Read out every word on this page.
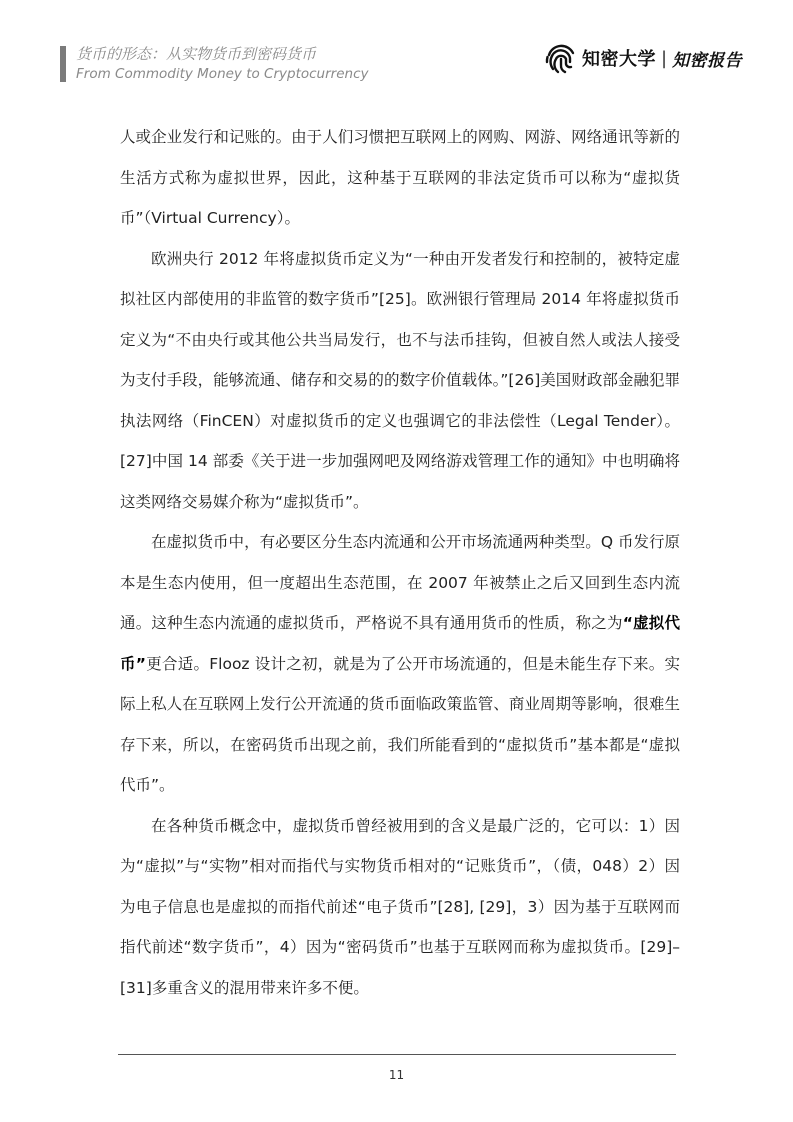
货币的形态：从实物货币到密码货币
From Commodity Money to Cryptocurrency
知密大学 | 知密报告

人或企业发行和记账的。由于人们习惯把互联网上的网购、网游、网络通讯等新的生活方式称为虚拟世界，因此，这种基于互联网的非法定货币可以称为“虚拟货币”（Virtual Currency）。

欧洲央行 2012 年将虚拟货币定义为“一种由开发者发行和控制的，被特定虚拟社区内部使用的非监管的数字货币”[25]。欧洲银行管理局 2014 年将虚拟货币定义为“不由央行或其他公共当局发行，也不与法币挂钩，但被自然人或法人接受为支付手段，能够流通、储存和交易的的数字价值载体。”[26]美国财政部金融犯罪执法网络（FinCEN）对虚拟货币的定义也强调它的非法偿性（Legal Tender）。[27]中国 14 部委《关于进一步加强网吧及网络游戏管理工作的通知》中也明确将这类网络交易媒介称为“虚拟货币”。

在虚拟货币中，有必要区分生态内流通和公开市场流通两种类型。Q 币发行原本是生态内使用，但一度超出生态范围，在 2007 年被禁止之后又回到生态内流通。这种生态内流通的虚拟货币，严格说不具有通用货币的性质，称之为“虚拟代币”更合适。Flooz 设计之初，就是为了公开市场流通的，但是未能生存下来。实际上私人在互联网上发行公开流通的货币面临政策监管、商业周期等影响，很难生存下来，所以，在密码货币出现之前，我们所能看到的“虚拟货币”基本都是“虚拟代币”。

在各种货币概念中，虚拟货币曾经被用到的含义是最广泛的，它可以：1）因为“虚拟”与“实物”相对而指代与实物货币相对的“记账货币”，（债，048）2）因为电子信息也是虚拟的而指代前述“电子货币”[28], [29]，3）因为基于互联网而指代前述“数字货币”，4）因为“密码货币”也基于互联网而称为虚拟货币。[29]–[31]多重含义的混用带来许多不便。

11
